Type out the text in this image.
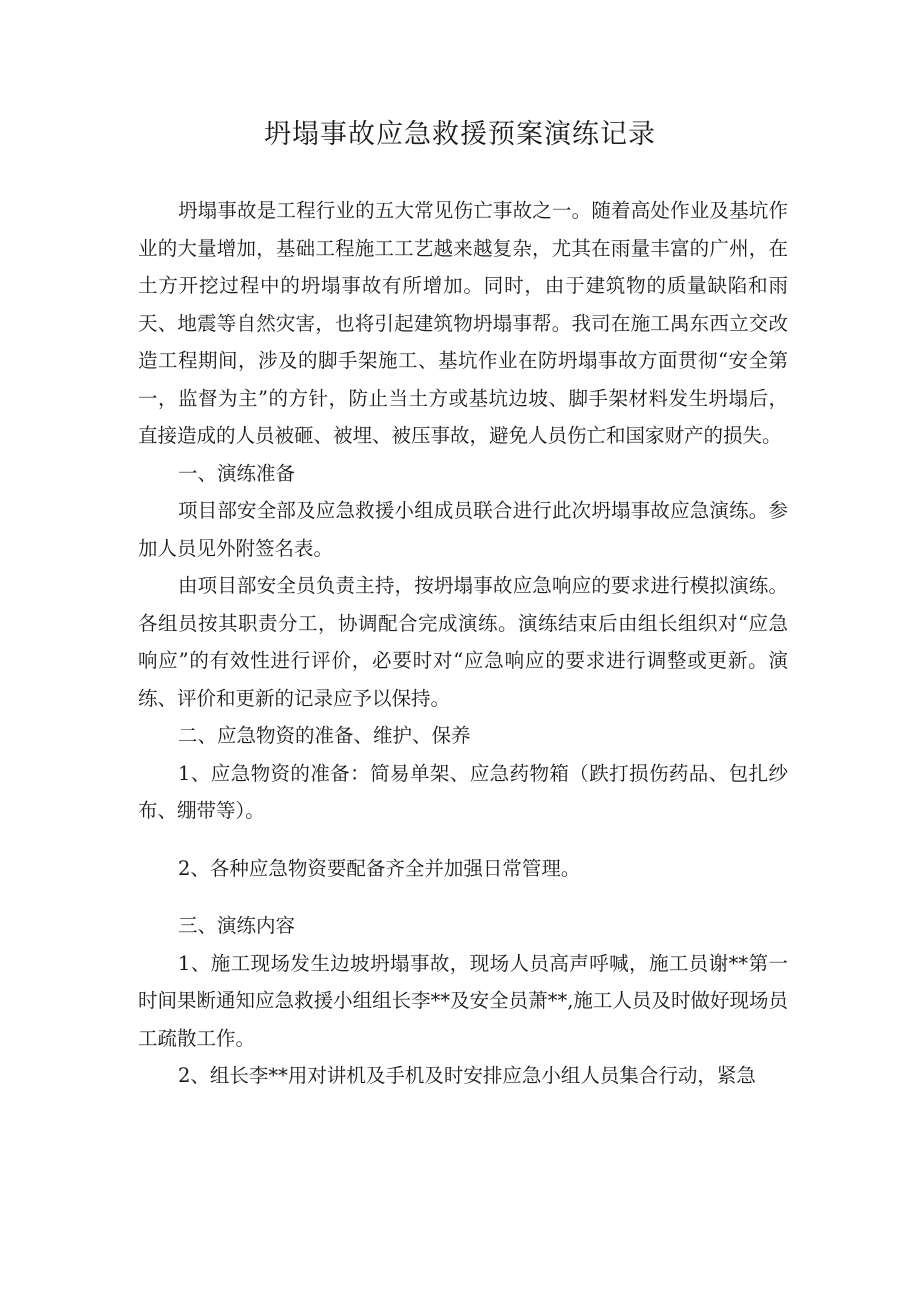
坍塌事故应急救援预案演练记录

坍塌事故是工程行业的五大常见伤亡事故之一。随着高处作业及基坑作业的大量增加，基础工程施工工艺越来越复杂，尤其在雨量丰富的广州，在土方开挖过程中的坍塌事故有所增加。同时，由于建筑物的质量缺陷和雨天、地震等自然灾害，也将引起建筑物坍塌事帮。我司在施工禺东西立交改造工程期间，涉及的脚手架施工、基坑作业在防坍塌事故方面贯彻“安全第一，监督为主”的方针，防止当土方或基坑边坡、脚手架材料发生坍塌后，直接造成的人员被砸、被埋、被压事故，避免人员伤亡和国家财产的损失。

一、演练准备

项目部安全部及应急救援小组成员联合进行此次坍塌事故应急演练。参加人员见外附签名表。

由项目部安全员负责主持，按坍塌事故应急响应的要求进行模拟演练。各组员按其职责分工，协调配合完成演练。演练结束后由组长组织对“应急响应”的有效性进行评价，必要时对“应急响应的要求进行调整或更新。演练、评价和更新的记录应予以保持。

二、应急物资的准备、维护、保养

1、应急物资的准备：简易单架、应急药物箱（跌打损伤药品、包扎纱布、绷带等）。

2、各种应急物资要配备齐全并加强日常管理。

三、演练内容

1、施工现场发生边坡坍塌事故，现场人员高声呼喊，施工员谢**第一时间果断通知应急救援小组组长李**及安全员萧**,施工人员及时做好现场员工疏散工作。

2、组长李**用对讲机及手机及时安排应急小组人员集合行动，紧急
